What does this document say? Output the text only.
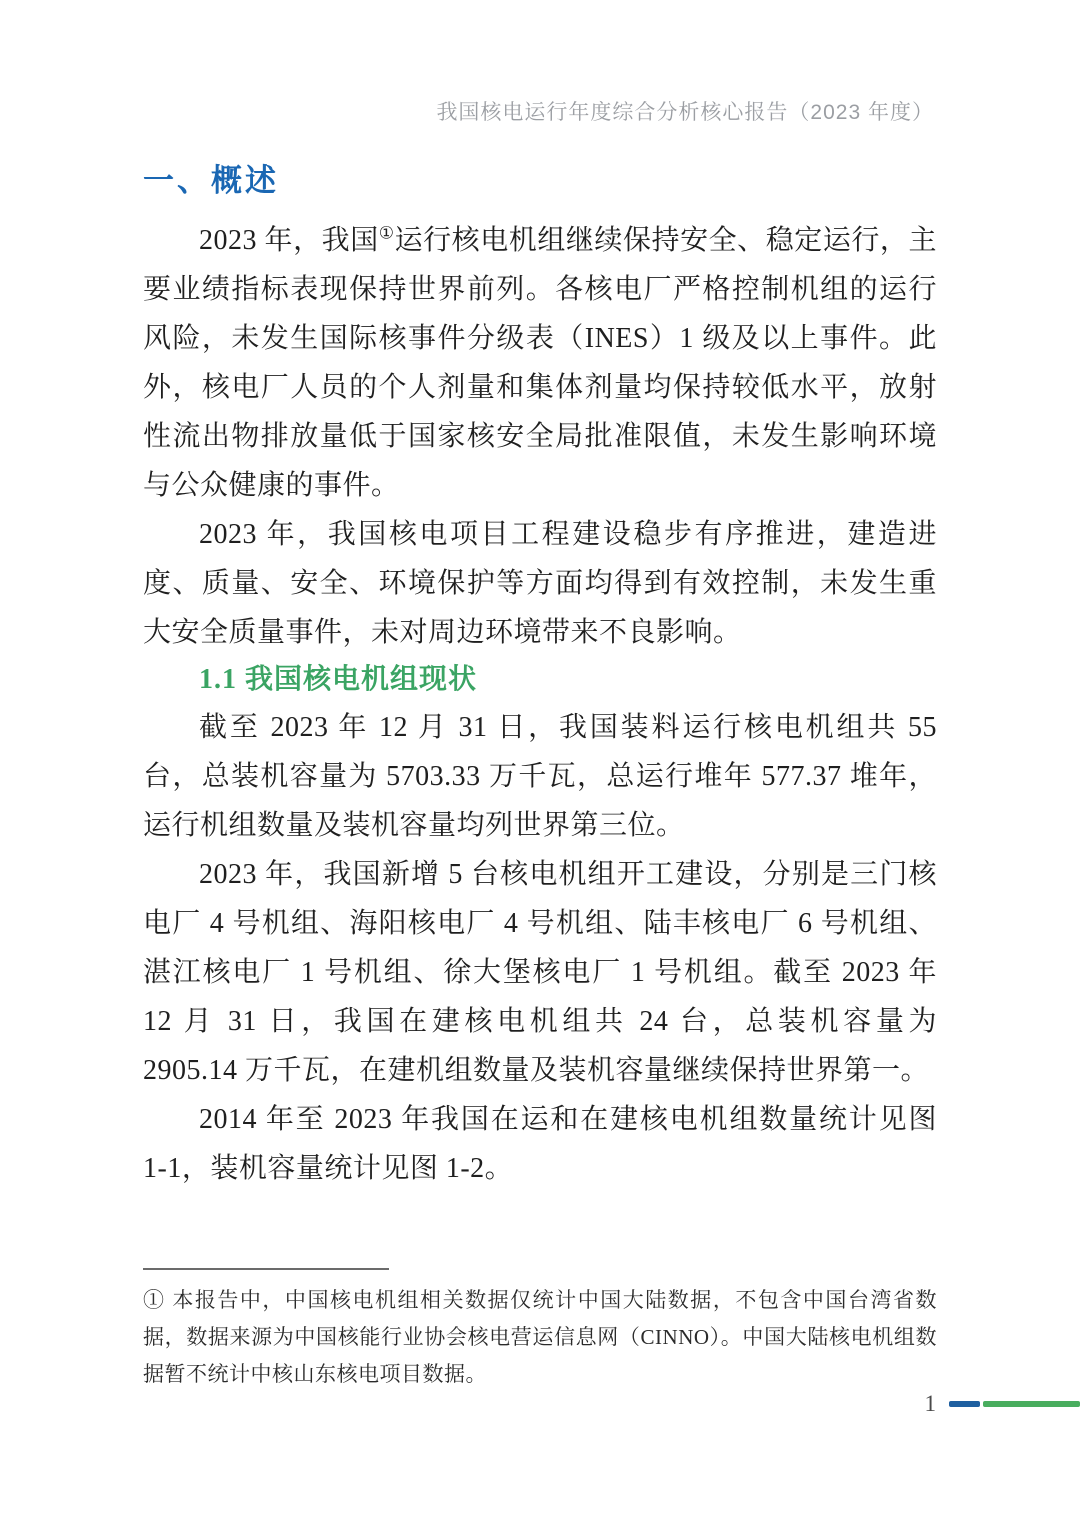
我国核电运行年度综合分析核心报告（2023 年度）
一、概述

2023 年，我国①运行核电机组继续保持安全、稳定运行，主要业绩指标表现保持世界前列。各核电厂严格控制机组的运行风险，未发生国际核事件分级表（INES）1 级及以上事件。此外，核电厂人员的个人剂量和集体剂量均保持较低水平，放射性流出物排放量低于国家核安全局批准限值，未发生影响环境与公众健康的事件。

2023 年，我国核电项目工程建设稳步有序推进，建造进度、质量、安全、环境保护等方面均得到有效控制，未发生重大安全质量事件，未对周边环境带来不良影响。

1.1 我国核电机组现状

截至 2023 年 12 月 31 日，我国装料运行核电机组共 55 台，总装机容量为 5703.33 万千瓦，总运行堆年 577.37 堆年，运行机组数量及装机容量均列世界第三位。

2023 年，我国新增 5 台核电机组开工建设，分别是三门核电厂 4 号机组、海阳核电厂 4 号机组、陆丰核电厂 6 号机组、湛江核电厂 1 号机组、徐大堡核电厂 1 号机组。截至 2023 年 12 月 31 日，我国在建核电机组共 24 台，总装机容量为 2905.14 万千瓦，在建机组数量及装机容量继续保持世界第一。

2014 年至 2023 年我国在运和在建核电机组数量统计见图 1-1，装机容量统计见图 1-2。

① 本报告中，中国核电机组相关数据仅统计中国大陆数据，不包含中国台湾省数据，数据来源为中国核能行业协会核电营运信息网（CINNO）。中国大陆核电机组数据暂不统计中核山东核电项目数据。

1
